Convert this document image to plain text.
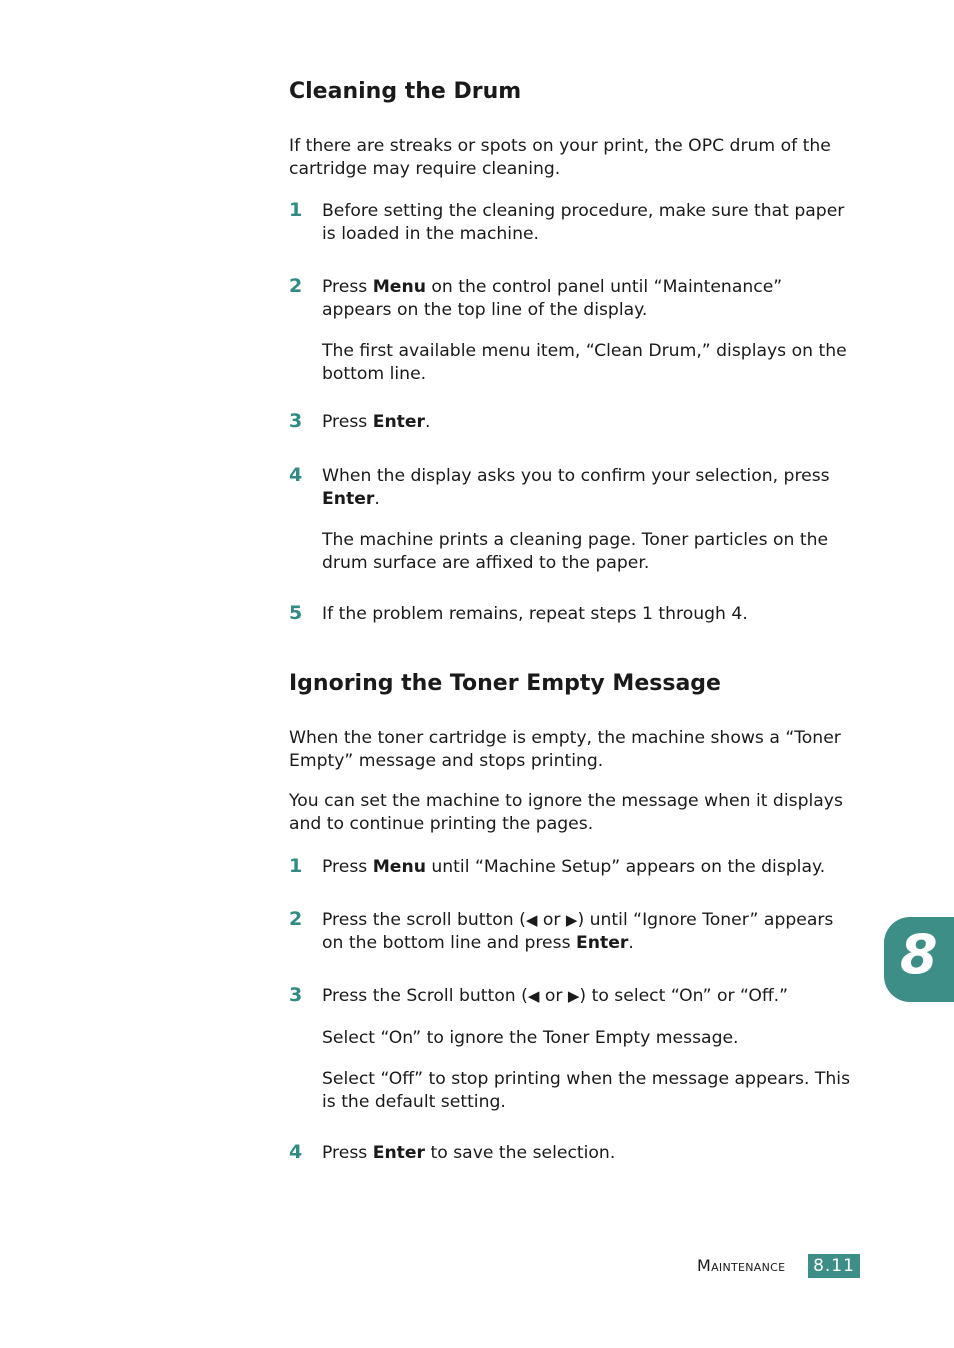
Cleaning the Drum

If there are streaks or spots on your print, the OPC drum of the cartridge may require cleaning.

1 Before setting the cleaning procedure, make sure that paper is loaded in the machine.

2 Press Menu on the control panel until “Maintenance” appears on the top line of the display.

The first available menu item, “Clean Drum,” displays on the bottom line.

3 Press Enter.

4 When the display asks you to confirm your selection, press Enter.

The machine prints a cleaning page. Toner particles on the drum surface are affixed to the paper.

5 If the problem remains, repeat steps 1 through 4.

Ignoring the Toner Empty Message

When the toner cartridge is empty, the machine shows a “Toner Empty” message and stops printing.

You can set the machine to ignore the message when it displays and to continue printing the pages.

1 Press Menu until “Machine Setup” appears on the display.

2 Press the scroll button (◀ or ▶) until “Ignore Toner” appears on the bottom line and press Enter.

3 Press the Scroll button (◀ or ▶) to select “On” or “Off.”

Select “On” to ignore the Toner Empty message.

Select “Off” to stop printing when the message appears. This is the default setting.

4 Press Enter to save the selection.

8
Maintenance 8.11
